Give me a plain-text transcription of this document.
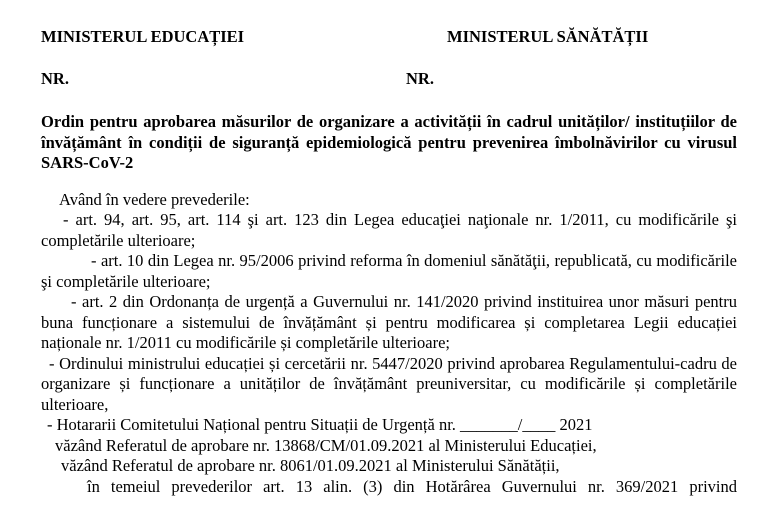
MINISTERUL EDUCAȚIEI	MINISTERUL SĂNĂTĂȚII
NR.	NR.
Ordin pentru aprobarea măsurilor de organizare a activității în cadrul unităților/ instituțiilor de învățământ în condiții de siguranță epidemiologică pentru prevenirea îmbolnăvirilor cu virusul SARS-CoV-2

Având în vedere prevederile:

- art. 94, art. 95, art. 114 şi art. 123 din Legea educaţiei naţionale nr. 1/2011, cu modificările şi completările ulterioare;

- art. 10 din Legea nr. 95/2006 privind reforma în domeniul sănătăţii, republicată, cu modificările şi completările ulterioare;

- art. 2 din Ordonanța de urgență a Guvernului nr. 141/2020 privind instituirea unor măsuri pentru buna funcționare a sistemului de învățământ și pentru modificarea și completarea Legii educației naționale nr. 1/2011 cu modificările și completările ulterioare;

- Ordinului ministrului educației și cercetării nr. 5447/2020 privind aprobarea Regulamentului-cadru de organizare și funcționare a unităților de învățământ preuniversitar, cu modificările și completările ulterioare,

- Hotararii Comitetului Național pentru Situații de Urgență nr. _______/____ 2021

văzând Referatul de aprobare nr. 13868/CM/01.09.2021 al Ministerului Educației,

văzând Referatul de aprobare nr. 8061/01.09.2021 al Ministerului Sănătății,

în temeiul prevederilor art. 13 alin. (3) din Hotărârea Guvernului nr. 369/2021 privind
